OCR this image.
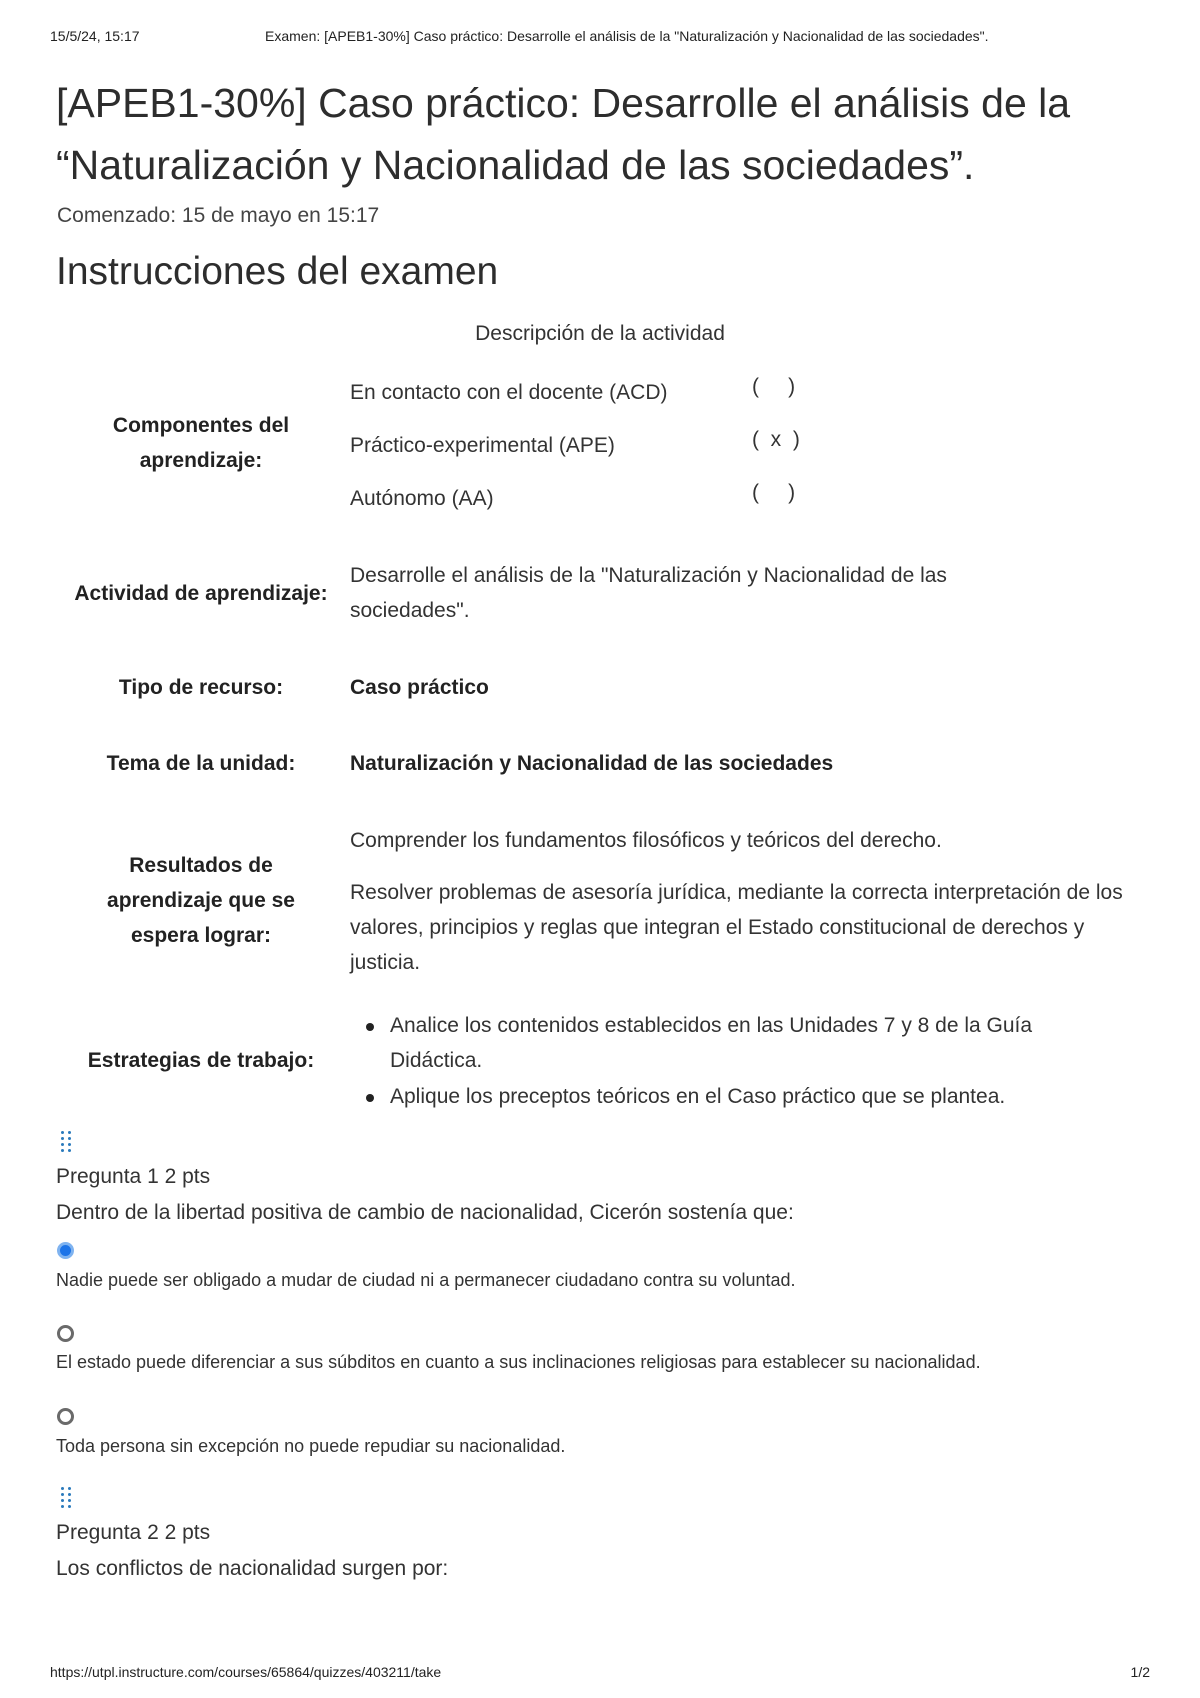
15/5/24, 15:17	Examen: [APEB1-30%] Caso práctico: Desarrolle el análisis de la "Naturalización y Nacionalidad de las sociedades".
[APEB1-30%] Caso práctico: Desarrolle el análisis de la “Naturalización y Nacionalidad de las sociedades”.
Comenzado: 15 de mayo en 15:17
Instrucciones del examen
Descripción de la actividad
Componentes del aprendizaje:
En contacto con el docente (ACD)	(     )
Práctico-experimental (APE)	(  x  )
Autónomo (AA)	(     )
Actividad de aprendizaje:
Desarrolle el análisis de la "Naturalización y Nacionalidad de las sociedades".
Tipo de recurso:	Caso práctico
Tema de la unidad:	Naturalización y Nacionalidad de las sociedades
Resultados de aprendizaje que se espera lograr:
Comprender los fundamentos filosóficos y teóricos del derecho.
Resolver problemas de asesoría jurídica, mediante la correcta interpretación de los valores, principios y reglas que integran el Estado constitucional de derechos y justicia.
Estrategias de trabajo:
Analice los contenidos establecidos en las Unidades 7 y 8 de la Guía Didáctica.
Aplique los preceptos teóricos en el Caso práctico que se plantea.
Pregunta 1 2 pts
Dentro de la libertad positiva de cambio de nacionalidad, Cicerón sostenía que:
Nadie puede ser obligado a mudar de ciudad ni a permanecer ciudadano contra su voluntad.
El estado puede diferenciar a sus súbditos en cuanto a sus inclinaciones religiosas para establecer su nacionalidad.
Toda persona sin excepción no puede repudiar su nacionalidad.
Pregunta 2 2 pts
Los conflictos de nacionalidad surgen por:
https://utpl.instructure.com/courses/65864/quizzes/403211/take	1/2
